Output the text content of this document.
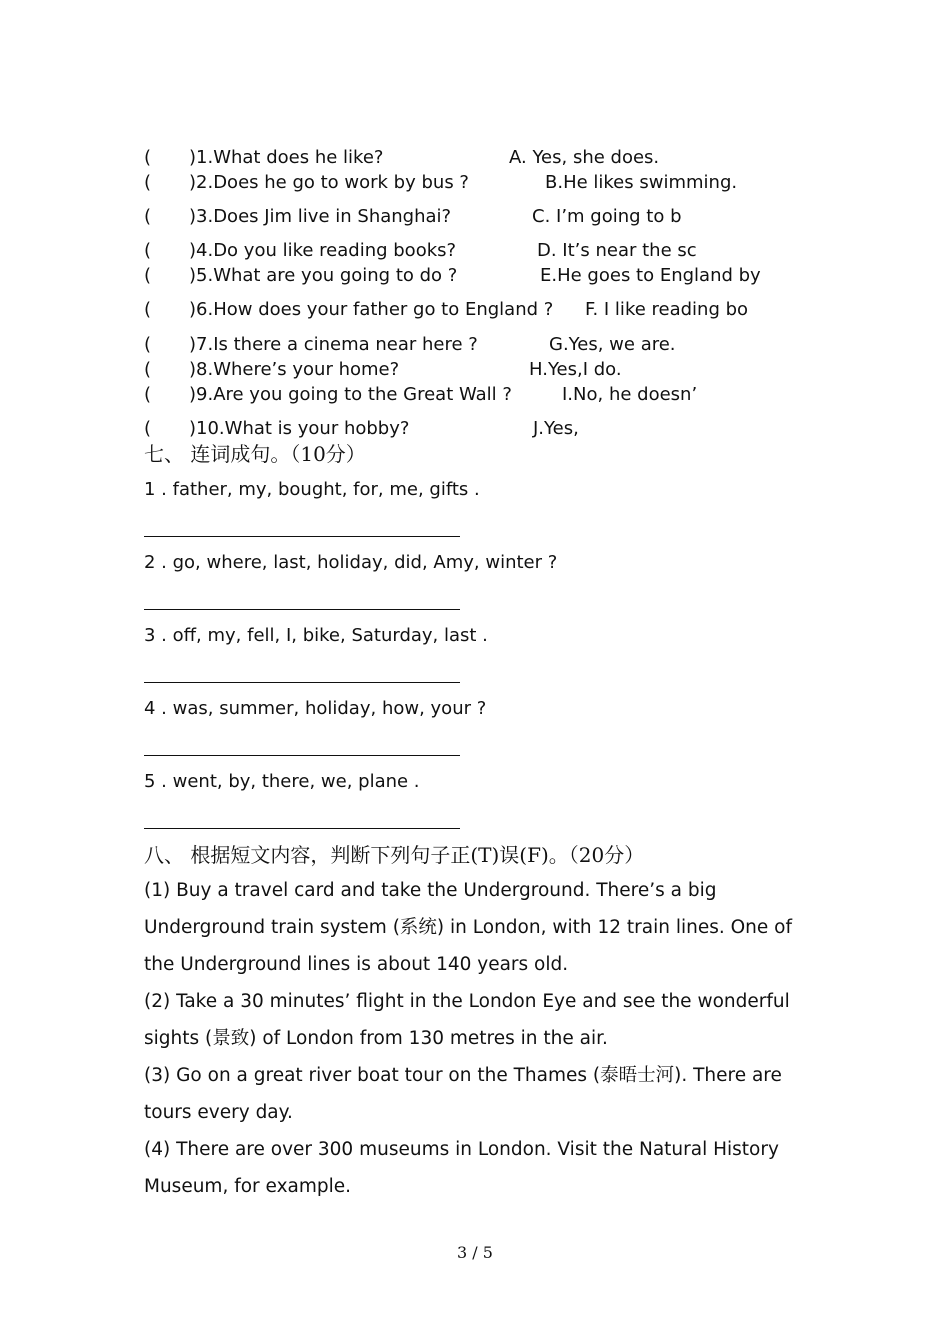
( )1.What does he like?	A. Yes, she does.
( )2.Does he go to work by bus ?	B.He likes swimming.
( )3.Does Jim live in Shanghai?	C. I’m going to b
( )4.Do you like reading books?	D. It’s near the sc
( )5.What are you going to do ?	E.He goes to England by
( )6.How does your father go to England ? F. I like reading bo
( )7.Is there a cinema near here ?	G.Yes, we are.
( )8.Where’s your home?	H.Yes,I do.
( )9.Are you going to the Great Wall ?	I.No, he doesn’
( )10.What is your hobby?	J.Yes,
七、 连词成句。（10分）
1 . father, my, bought, for, me, gifts .
2 . go, where, last, holiday, did, Amy, winter ?
3 . off, my, fell, I, bike, Saturday, last .
4 . was, summer, holiday, how, your ?
5 . went, by, there, we, plane .
八、 根据短文内容，判断下列句子正(T)误(F)。（20分）

(1) Buy a travel card and take the Underground. There’s a big Underground train system (系统) in London, with 12 train lines. One of the Underground lines is about 140 years old.

(2) Take a 30 minutes’ flight in the London Eye and see the wonderful sights (景致) of London from 130 metres in the air.

(3) Go on a great river boat tour on the Thames (泰晤士河). There are tours every day.

(4) There are over 300 museums in London. Visit the Natural History Museum, for example.

3 / 5
